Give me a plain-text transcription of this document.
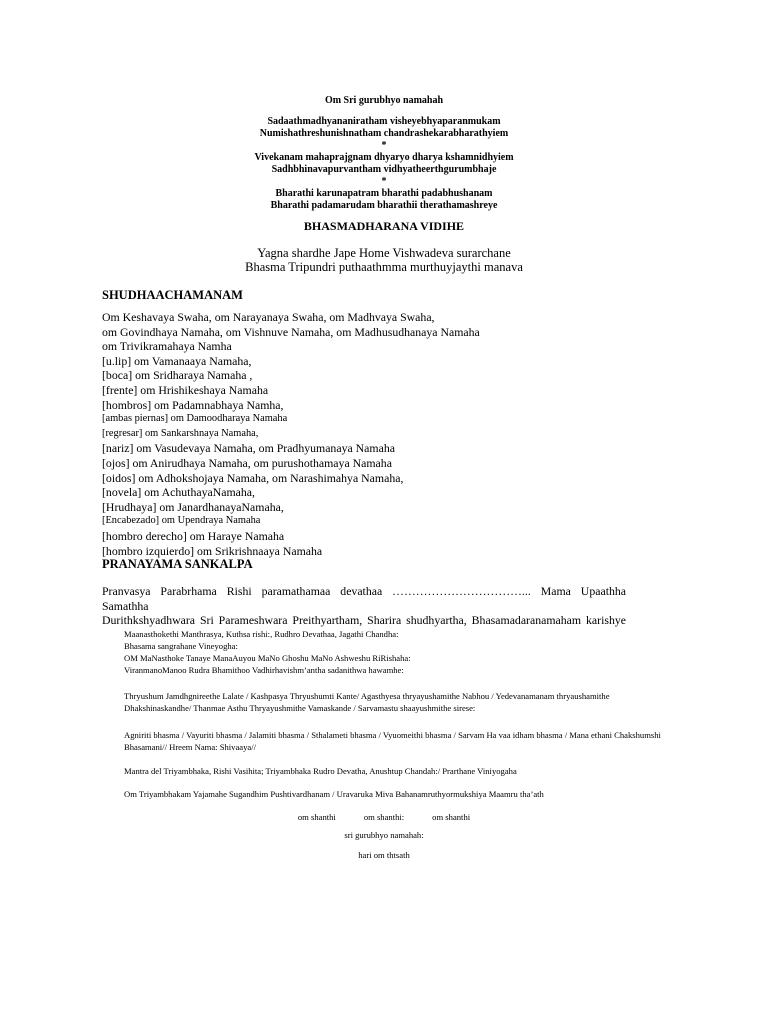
Om Sri gurubhyo namahah
Sadaathmadhyananiratham visheyebhyaparanmukam
Numishathreshunishnatham chandrashekarabharathyiem
*
Vivekanam mahaprajgnam dhyaryo dharya kshamnidhyiem
Sadhbhinavapurvantham vidhyatheerthgurumbhaje
*
Bharathi karunapatram bharathi padabhushanam
Bharathi padamarudam bharathii therathamashreye
BHASMADHARANA VIDIHE
Yagna shardhe Jape Home Vishwadeva surarchane
Bhasma Tripundri puthaathmma murthuyjaythi manava
SHUDHAACHAMANAM
Om Keshavaya Swaha, om Narayanaya Swaha, om Madhvaya Swaha,
om Govindhaya Namaha, om Vishnuve Namaha, om Madhusudhanaya Namaha
om Trivikramahaya Namha
[u.lip] om Vamanaaya Namaha,
[boca] om Sridharaya Namaha ,
[frente] om Hrishikeshaya Namaha
[hombros] om Padamnabhaya Namha,
[ambas piernas] om Damoodharaya Namaha
[regresar] om Sankarshnaya Namaha,
[nariz] om Vasudevaya Namaha, om Pradhyumanaya Namaha
[ojos] om Anirudhaya Namaha, om purushothamaya Namaha
[oidos] om Adhokshojaya Namaha, om Narashimahya Namaha,
[novela] om AchuthayaNamaha,
[Hrudhaya] om JanardhanayaNamaha,
[Encabezado] om Upendraya Namaha
[hombro derecho] om Haraye Namaha
[hombro izquierdo] om Srikrishnaaya Namaha
PRANAYAMA SANKALPA
Pranvasya Parabrhama Rishi paramathamaa devathaa ……………………………... Mama Upaathha Samathha
Durithkshyadhwara Sri Parameshwara Preithyartham, Sharira shudhyartha, Bhasamadaranamaham karishye
Maanasthokethi Manthrasya, Kuthsa rishi:, Rudhro Devathaa, Jagathi Chandha:
Bhasama sangrahane Vineyogha:
OM MaNasthoke Tanaye ManaAuyou MaNo Ghoshu MaNo Ashweshu RiRishaha:
ViranmanoManoo Rudra Bhamithoo Vadhirhavishm’antha sadanithwa hawamhe:
Thryushum Jamdhgnireethe Lalate / Kashpasya Thryushumti Kante/ Agasthyesa thryayushamithe Nabhou / Yedevanamanam thryaushamithe Dhakshinaskandhe/ Thanmae Asthu Thryayushmithe Vamaskande / Sarvamastu shaayushmithe sirese:
Agniriti bhasma / Vayuriti bhasma / Jalamiti bhasma / Sthalameti bhasma / Vyuomeithi bhasma / Sarvam Ha vaa idham bhasma / Mana ethani Chakshumshi Bhasamani// Hreem Nama: Shivaaya//
Mantra del Triyambhaka, Rishi Vasihita; Triyambhaka Rudro Devatha, Anushtup Chandah:/ Prarthane Viniyogaha
Om Triyambhakam Yajamahe Sugandhim Pushtivardhanam / Uravaruka Miva Bahanamruthyormukshiya Maamru tha’ath
om shanthi	om shanthi:	om shanthi
sri gurubhyo namahah:
hari om thtsath
